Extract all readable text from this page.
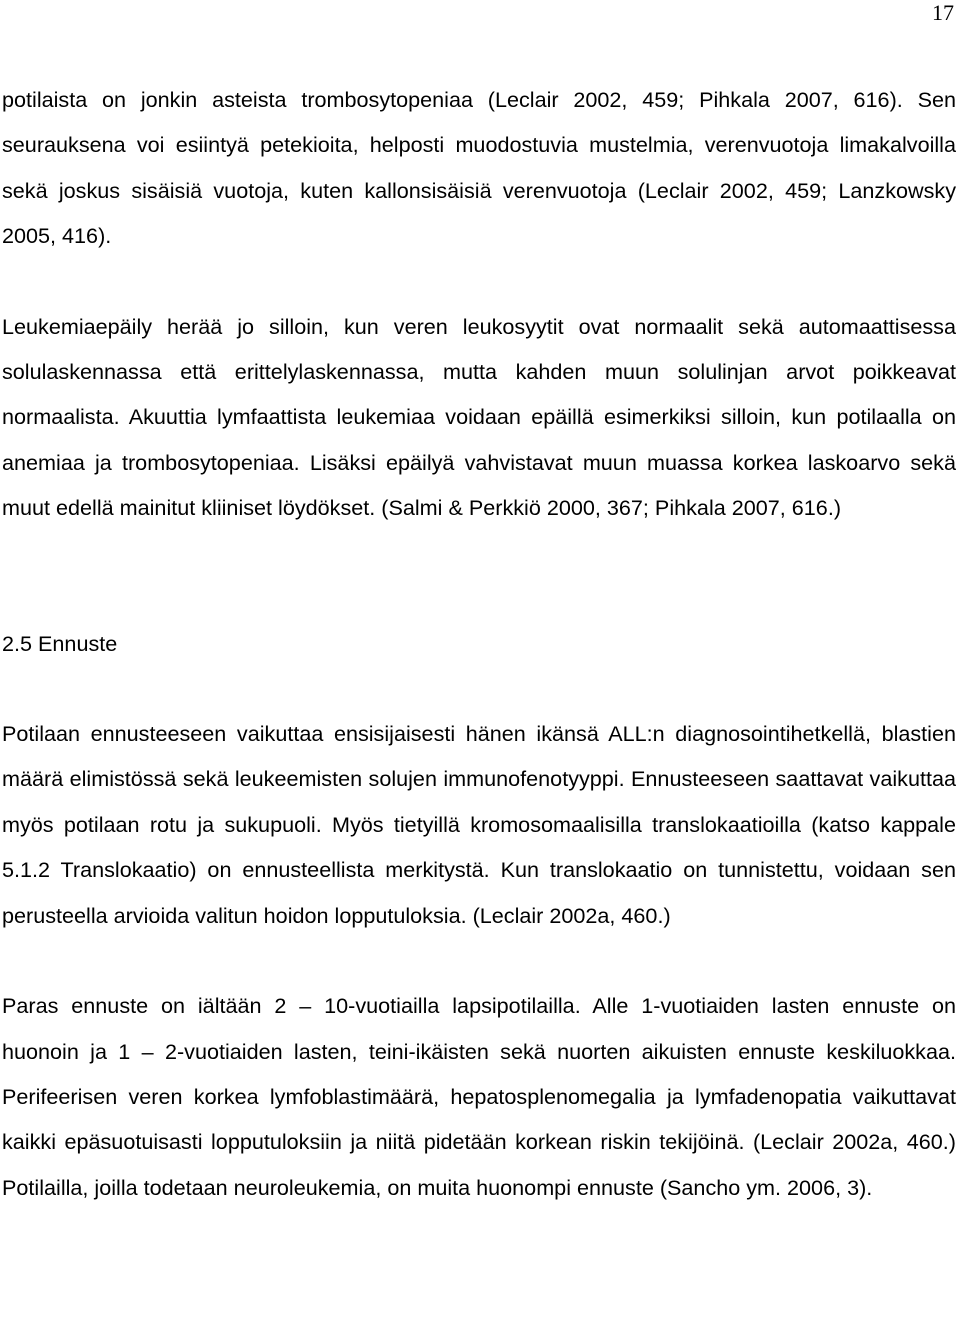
17

potilaista on jonkin asteista trombosytopeniaa (Leclair 2002, 459; Pihkala 2007, 616). Sen seurauksena voi esiintyä petekioita, helposti muodostuvia mustelmia, verenvuotoja limakalvoilla sekä joskus sisäisiä vuotoja, kuten kallonsisäisiä verenvuotoja (Leclair 2002, 459; Lanzkowsky 2005, 416).

Leukemiaepäily herää jo silloin, kun veren leukosyytit ovat normaalit sekä automaattisessa solulaskennassa että erittelylaskennassa, mutta kahden muun solulinjan arvot poikkeavat normaalista. Akuuttia lymfaattista leukemiaa voidaan epäillä esimerkiksi silloin, kun potilaalla on anemiaa ja trombosytopeniaa. Lisäksi epäilyä vahvistavat muun muassa korkea laskoarvo sekä muut edellä mainitut kliiniset löydökset. (Salmi & Perkkiö 2000, 367; Pihkala 2007, 616.)

2.5 Ennuste

Potilaan ennusteeseen vaikuttaa ensisijaisesti hänen ikänsä ALL:n diagnosointihetkellä, blastien määrä elimistössä sekä leukeemisten solujen immunofenotyyppi. Ennusteeseen saattavat vaikuttaa myös potilaan rotu ja sukupuoli. Myös tietyillä kromosomaalisilla translokaatioilla (katso kappale 5.1.2 Translokaatio) on ennusteellista merkitystä. Kun translokaatio on tunnistettu, voidaan sen perusteella arvioida valitun hoidon lopputuloksia. (Leclair 2002a, 460.)

Paras ennuste on iältään 2 – 10-vuotiailla lapsipotilailla. Alle 1-vuotiaiden lasten ennuste on huonoin ja 1 – 2-vuotiaiden lasten, teini-ikäisten sekä nuorten aikuisten ennuste keskiluokkaa. Perifeerisen veren korkea lymfoblastimäärä, hepatosplenomegalia ja lymfadenopatia vaikuttavat kaikki epäsuotuisasti lopputuloksiin ja niitä pidetään korkean riskin tekijöinä. (Leclair 2002a, 460.) Potilailla, joilla todetaan neuroleukemia, on muita huonompi ennuste (Sancho ym. 2006, 3).
